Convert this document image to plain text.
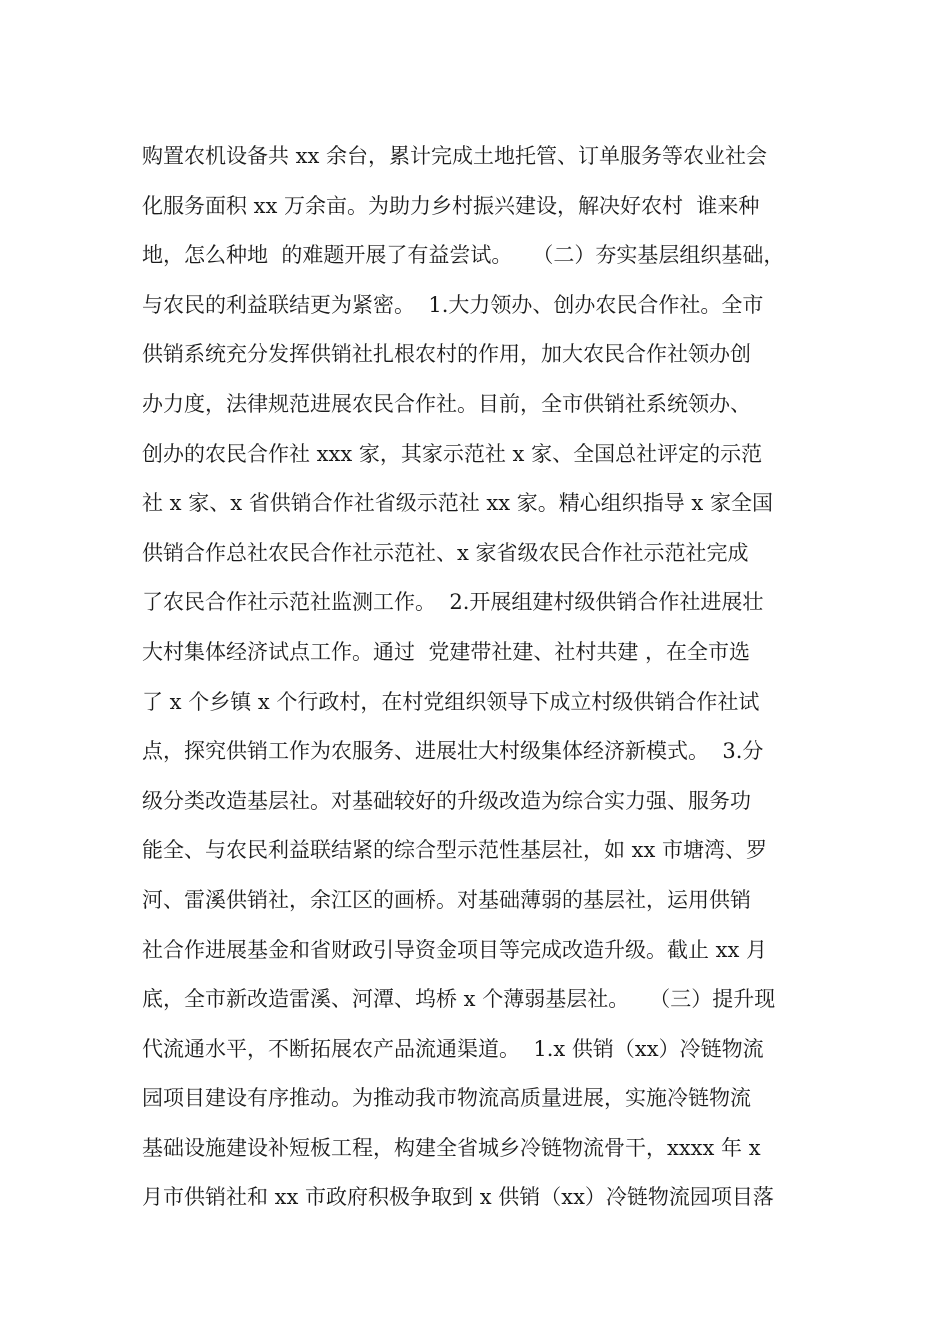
购置农机设备共 xx 余台，累计完成土地托管、订单服务等农业社会
化服务面积 xx 万余亩。为助力乡村振兴建设，解决好农村  谁来种
地，怎么种地  的难题开展了有益尝试。   （二）夯实基层组织基础，
与农民的利益联结更为紧密。  1.大力领办、创办农民合作社。全市
供销系统充分发挥供销社扎根农村的作用，加大农民合作社领办创
办力度，法律规范进展农民合作社。目前，全市供销社系统领办、
创办的农民合作社 xxx 家，其家示范社 x 家、全国总社评定的示范
社 x 家、x 省供销合作社省级示范社 xx 家。精心组织指导 x 家全国
供销合作总社农民合作社示范社、x 家省级农民合作社示范社完成
了农民合作社示范社监测工作。  2.开展组建村级供销合作社进展壮
大村集体经济试点工作。通过  党建带社建、社村共建 ，在全市选
了 x 个乡镇 x 个行政村，在村党组织领导下成立村级供销合作社试
点，探究供销工作为农服务、进展壮大村级集体经济新模式。  3.分
级分类改造基层社。对基础较好的升级改造为综合实力强、服务功
能全、与农民利益联结紧的综合型示范性基层社，如 xx 市塘湾、罗
河、雷溪供销社，余江区的画桥。对基础薄弱的基层社，运用供销
社合作进展基金和省财政引导资金项目等完成改造升级。截止 xx 月
底，全市新改造雷溪、河潭、坞桥 x 个薄弱基层社。   （三）提升现
代流通水平，不断拓展农产品流通渠道。  1.x 供销（xx）冷链物流
园项目建设有序推动。为推动我市物流高质量进展，实施冷链物流
基础设施建设补短板工程，构建全省城乡冷链物流骨干，xxxx 年 x
月市供销社和 xx 市政府积极争取到 x 供销（xx）冷链物流园项目落
